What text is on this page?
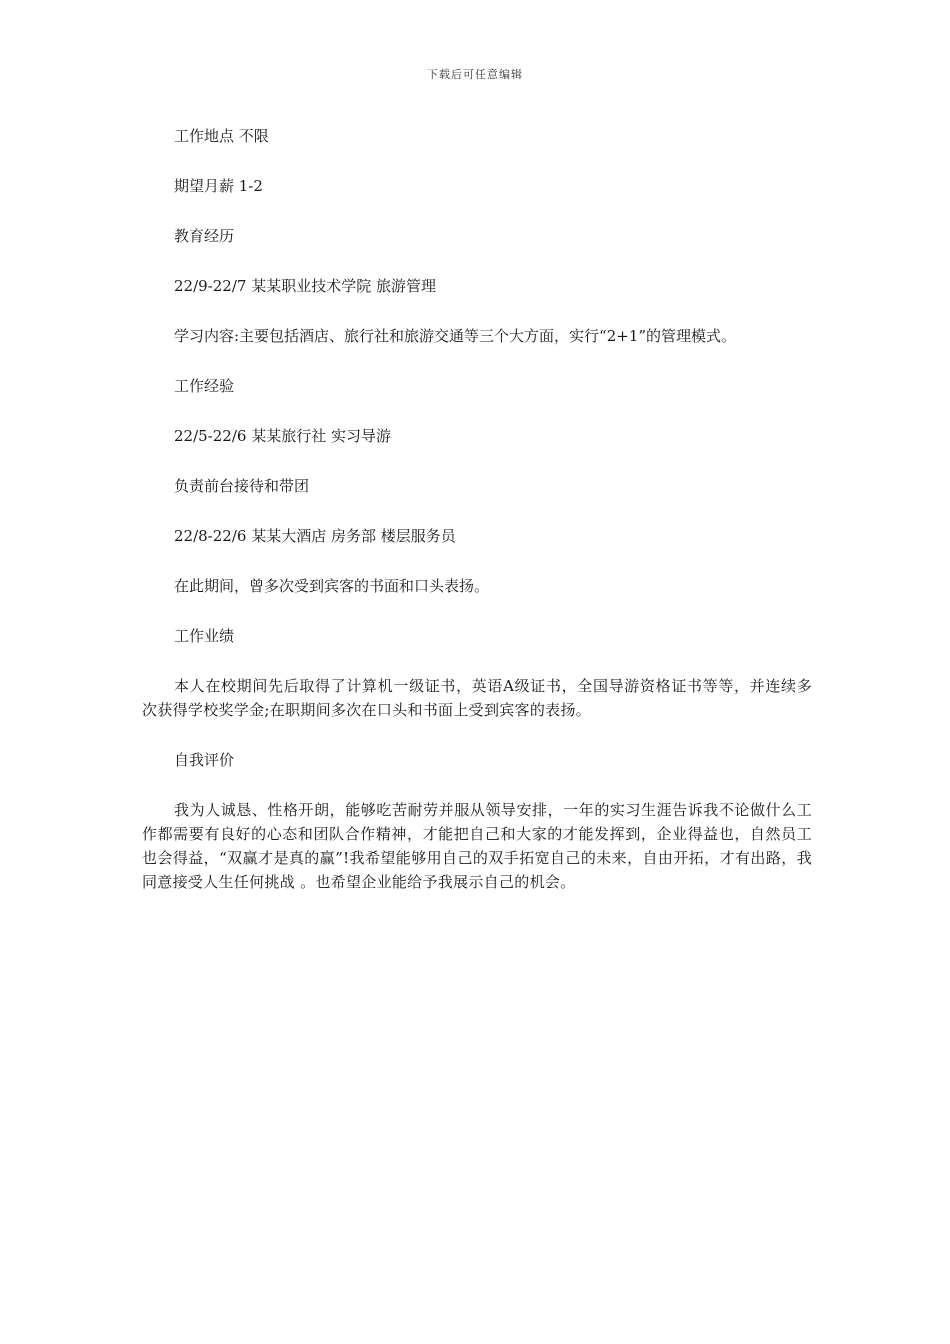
下载后可任意编辑

工作地点 不限

期望月薪 1-2

教育经历

22/9-22/7 某某职业技术学院 旅游管理

学习内容:主要包括酒店、旅行社和旅游交通等三个大方面，实行“2+1”的管理模式。

工作经验

22/5-22/6 某某旅行社 实习导游

负责前台接待和带团

22/8-22/6 某某大酒店 房务部 楼层服务员

在此期间，曾多次受到宾客的书面和口头表扬。

工作业绩

本人在校期间先后取得了计算机一级证书，英语A级证书，全国导游资格证书等等，并连续多次获得学校奖学金;在职期间多次在口头和书面上受到宾客的表扬。

自我评价

我为人诚恳、性格开朗，能够吃苦耐劳并服从领导安排，一年的实习生涯告诉我不论做什么工作都需要有良好的心态和团队合作精神，才能把自己和大家的才能发挥到，企业得益也，自然员工也会得益，“双赢才是真的赢”!我希望能够用自己的双手拓宽自己的未来，自由开拓，才有出路，我同意接受人生任何挑战 。也希望企业能给予我展示自己的机会。
